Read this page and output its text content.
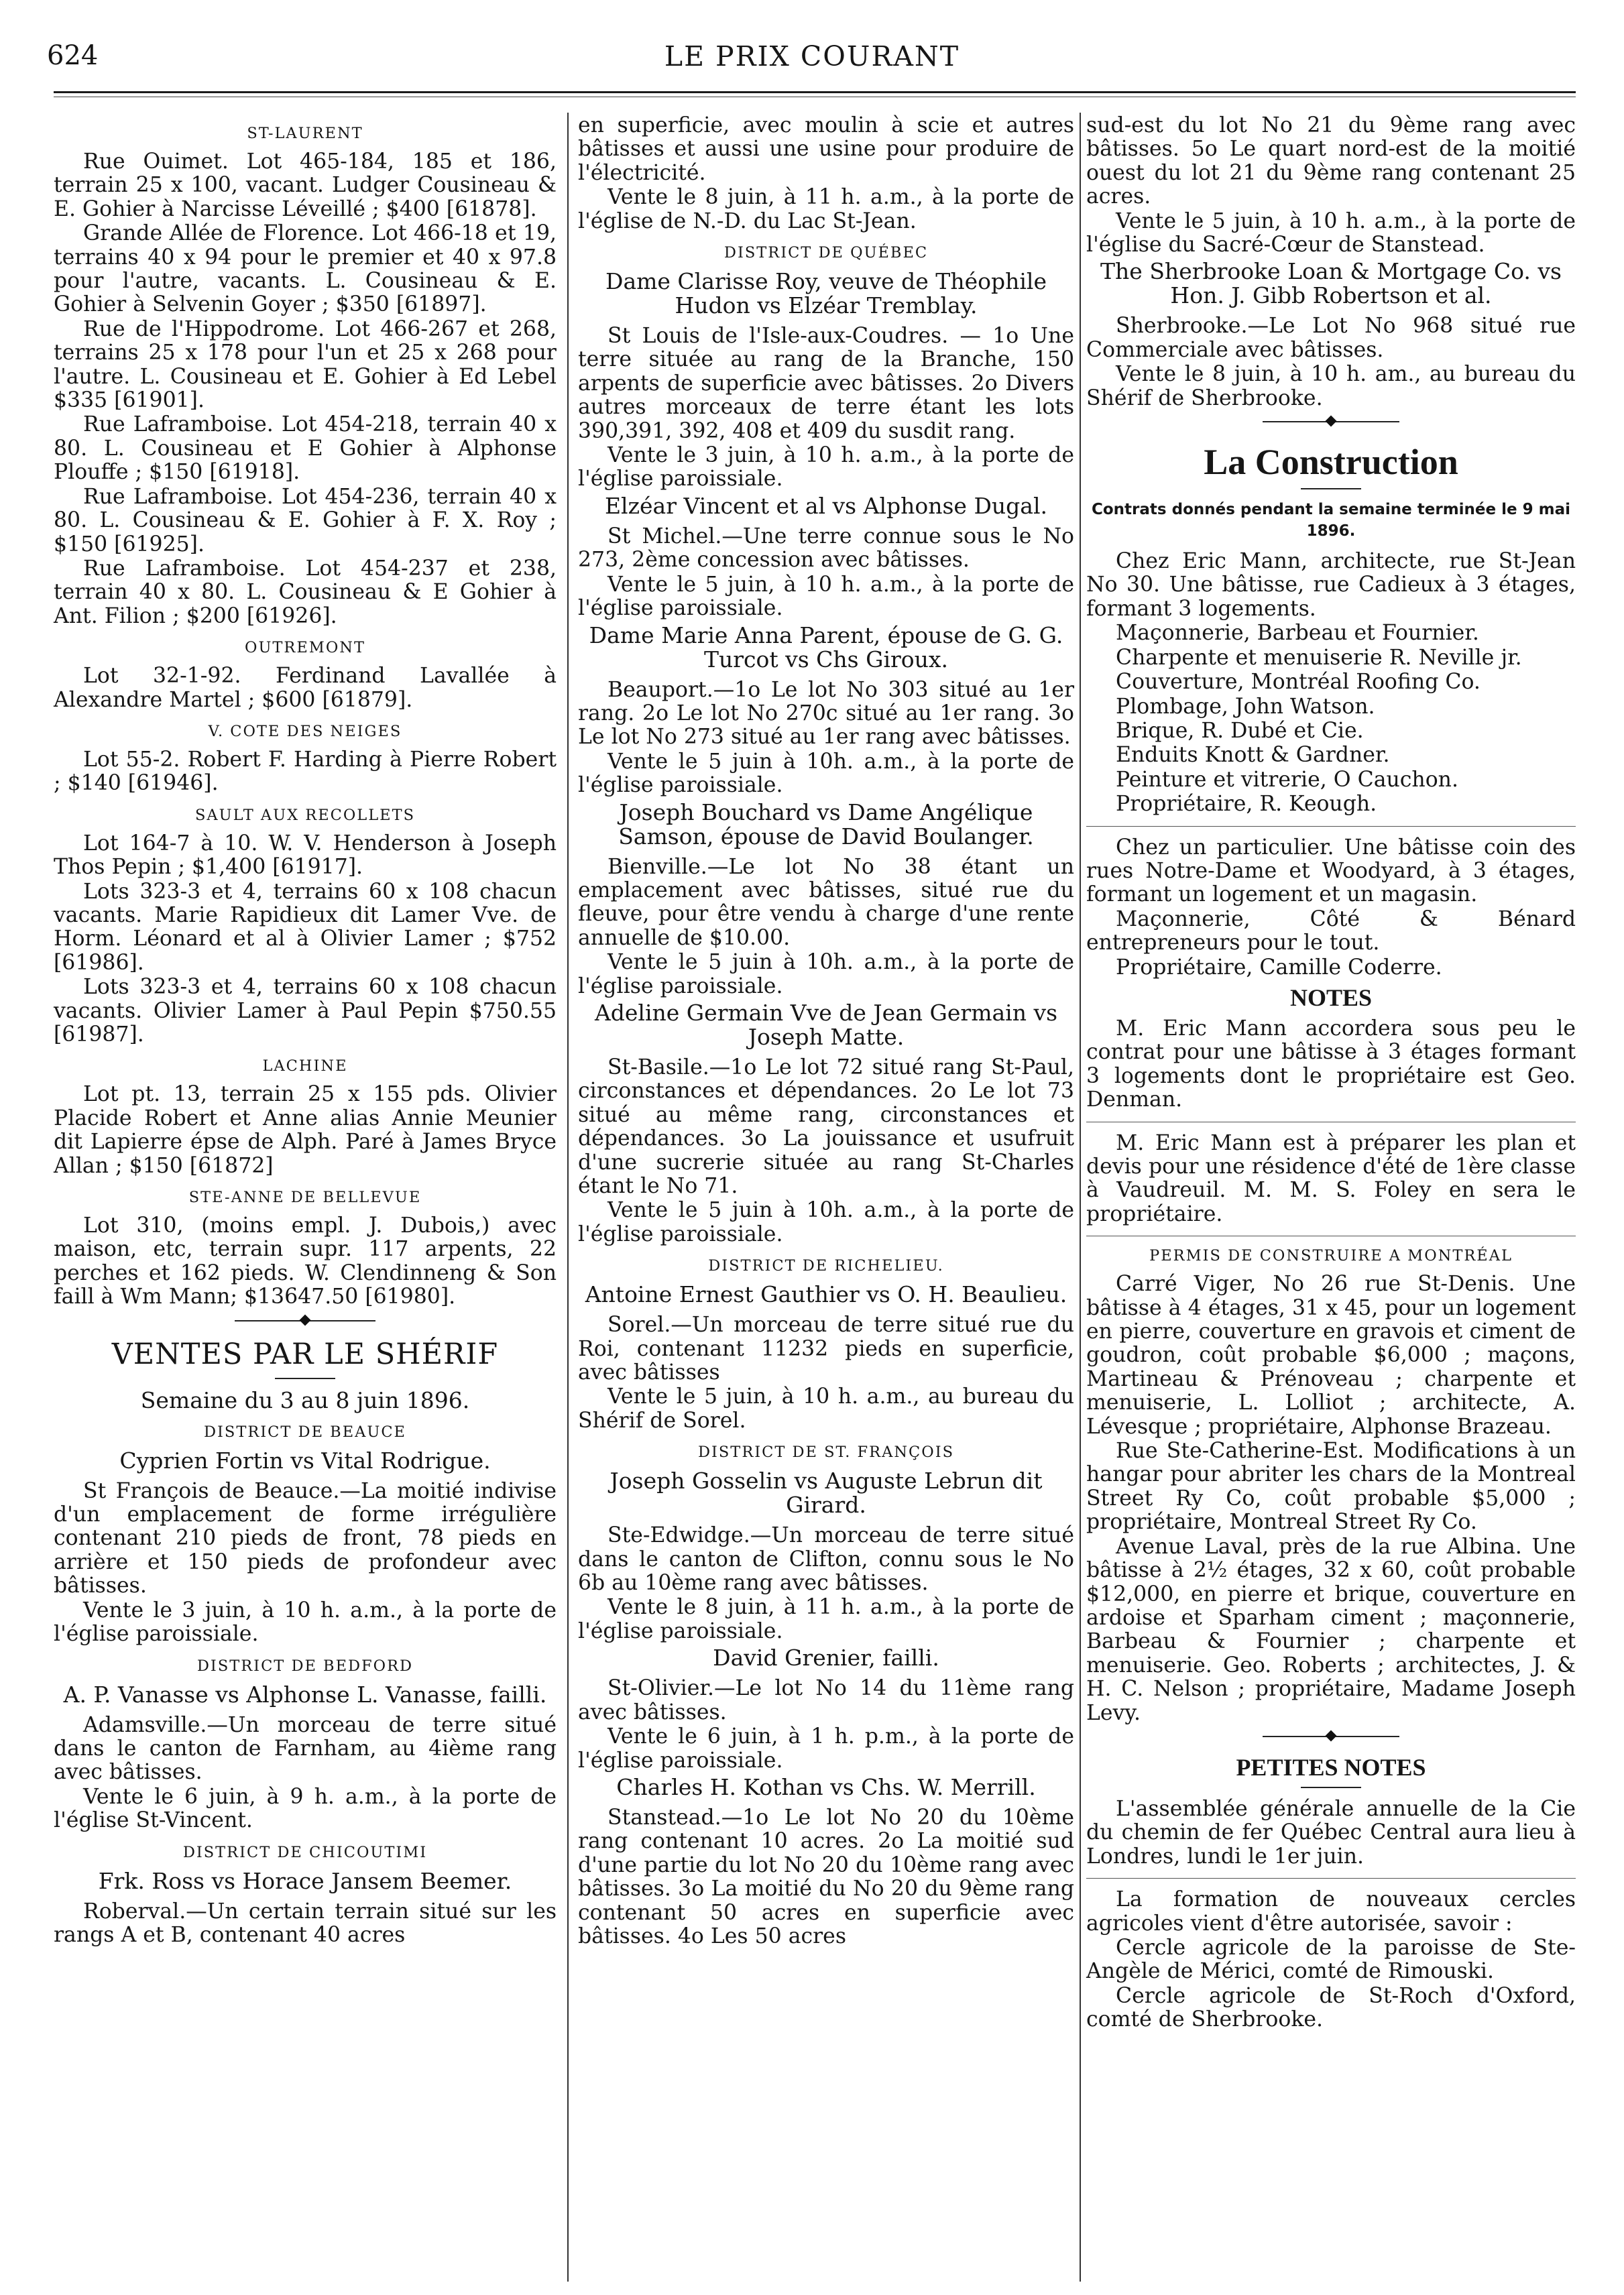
624	LE PRIX COURANT
ST-LAURENT

Rue Ouimet. Lot 465-184, 185 et 186, terrain 25 x 100, vacant. Ludger Cousineau & E. Gohier à Narcisse Léveillé ; $400 [61878].

Grande Allée de Florence. Lot 466-18 et 19, terrains 40 x 94 pour le premier et 40 x 97.8 pour l'autre, vacants. L. Cousineau & E. Gohier à Selvenin Goyer ; $350 [61897].

Rue de l'Hippodrome. Lot 466-267 et 268, terrains 25 x 178 pour l'un et 25 x 268 pour l'autre. L. Cousineau et E. Gohier à Ed Lebel $335 [61901].

Rue Laframboise. Lot 454-218, terrain 40 x 80. L. Cousineau et E Gohier à Alphonse Plouffe ; $150 [61918].

Rue Laframboise. Lot 454-236, terrain 40 x 80. L. Cousineau & E. Gohier à F. X. Roy ; $150 [61925].

Rue Laframboise. Lot 454-237 et 238, terrain 40 x 80. L. Cousineau & E Gohier à Ant. Filion ; $200 [61926].

OUTREMONT

Lot 32-1-92. Ferdinand Lavallée à Alexandre Martel ; $600 [61879].

V. COTE DES NEIGES

Lot 55-2. Robert F. Harding à Pierre Robert ; $140 [61946].

SAULT AUX RECOLLETS

Lot 164-7 à 10. W. V. Henderson à Joseph Thos Pepin ; $1,400 [61917].

Lots 323-3 et 4, terrains 60 x 108 chacun vacants. Marie Rapidieux dit Lamer Vve. de Horm. Léonard et al à Olivier Lamer ; $752 [61986].

Lots 323-3 et 4, terrains 60 x 108 chacun vacants. Olivier Lamer à Paul Pepin $750.55 [61987].

LACHINE

Lot pt. 13, terrain 25 x 155 pds. Olivier Placide Robert et Anne alias Annie Meunier dit Lapierre épse de Alph. Paré à James Bryce Allan ; $150 [61872]

STE-ANNE DE BELLEVUE

Lot 310, (moins empl. J. Dubois,) avec maison, etc, terrain supr. 117 arpents, 22 perches et 162 pieds. W. Clendinneng & Son faill à Wm Mann; $13647.50 [61980].

VENTES PAR LE SHÉRIF
Semaine du 3 au 8 juin 1896.
DISTRICT DE BEAUCE
Cyprien Fortin vs Vital Rodrigue.

St François de Beauce.—La moitié indivise d'un emplacement de forme irrégulière contenant 210 pieds de front, 78 pieds en arrière et 150 pieds de profondeur avec bâtisses.

Vente le 3 juin, à 10 h. a.m., à la porte de l'église paroissiale.

DISTRICT DE BEDFORD
A. P. Vanasse vs Alphonse L. Vanasse, failli.

Adamsville.—Un morceau de terre situé dans le canton de Farnham, au 4ième rang avec bâtisses.

Vente le 6 juin, à 9 h. a.m., à la porte de l'église St-Vincent.

DISTRICT DE CHICOUTIMI
Frk. Ross vs Horace Jansem Beemer.

Roberval.—Un certain terrain situé sur les rangs A et B, contenant 40 acres

en superficie, avec moulin à scie et autres bâtisses et aussi une usine pour produire de l'électricité.

Vente le 8 juin, à 11 h. a.m., à la porte de l'église de N.-D. du Lac St-Jean.

DISTRICT DE QUÉBEC
Dame Clarisse Roy, veuve de Théophile Hudon vs Elzéar Tremblay.

St Louis de l'Isle-aux-Coudres. — 1o Une terre située au rang de la Branche, 150 arpents de superficie avec bâtisses. 2o Divers autres morceaux de terre étant les lots 390,391, 392, 408 et 409 du susdit rang.

Vente le 3 juin, à 10 h. a.m., à la porte de l'église paroissiale.

Elzéar Vincent et al vs Alphonse Dugal.

St Michel.—Une terre connue sous le No 273, 2ème concession avec bâtisses.

Vente le 5 juin, à 10 h. a.m., à la porte de l'église paroissiale.

Dame Marie Anna Parent, épouse de G. G. Turcot vs Chs Giroux.

Beauport.—1o Le lot No 303 situé au 1er rang. 2o Le lot No 270c situé au 1er rang. 3o Le lot No 273 situé au 1er rang avec bâtisses.

Vente le 5 juin à 10h. a.m., à la porte de l'église paroissiale.

Joseph Bouchard vs Dame Angélique Samson, épouse de David Boulanger.

Bienville.—Le lot No 38 étant un emplacement avec bâtisses, situé rue du fleuve, pour être vendu à charge d'une rente annuelle de $10.00.

Vente le 5 juin à 10h. a.m., à la porte de l'église paroissiale.

Adeline Germain Vve de Jean Germain vs Joseph Matte.

St-Basile.—1o Le lot 72 situé rang St-Paul, circonstances et dépendances. 2o Le lot 73 situé au même rang, circonstances et dépendances. 3o La jouissance et usufruit d'une sucrerie située au rang St-Charles étant le No 71.

Vente le 5 juin à 10h. a.m., à la porte de l'église paroissiale.

DISTRICT DE RICHELIEU.
Antoine Ernest Gauthier vs O. H. Beaulieu.

Sorel.—Un morceau de terre situé rue du Roi, contenant 11232 pieds en superficie, avec bâtisses

Vente le 5 juin, à 10 h. a.m., au bureau du Shérif de Sorel.

DISTRICT DE ST. FRANÇOIS
Joseph Gosselin vs Auguste Lebrun dit Girard.

Ste-Edwidge.—Un morceau de terre situé dans le canton de Clifton, connu sous le No 6b au 10ème rang avec bâtisses.

Vente le 8 juin, à 11 h. a.m., à la porte de l'église paroissiale.

David Grenier, failli.

St-Olivier.—Le lot No 14 du 11ème rang avec bâtisses.

Vente le 6 juin, à 1 h. p.m., à la porte de l'église paroissiale.

Charles H. Kothan vs Chs. W. Merrill.

Stanstead.—1o Le lot No 20 du 10ème rang contenant 10 acres. 2o La moitié sud d'une partie du lot No 20 du 10ème rang avec bâtisses. 3o La moitié du No 20 du 9ème rang contenant 50 acres en superficie avec bâtisses. 4o Les 50 acres

sud-est du lot No 21 du 9ème rang avec bâtisses. 5o Le quart nord-est de la moitié ouest du lot 21 du 9ème rang contenant 25 acres.

Vente le 5 juin, à 10 h. a.m., à la porte de l'église du Sacré-Cœur de Stanstead.

The Sherbrooke Loan & Mortgage Co. vs Hon. J. Gibb Robertson et al.

Sherbrooke.—Le Lot No 968 situé rue Commerciale avec bâtisses.

Vente le 8 juin, à 10 h. am., au bureau du Shérif de Sherbrooke.

La Construction
Contrats donnés pendant la semaine terminée le 9 mai 1896.

Chez Eric Mann, architecte, rue St-Jean No 30. Une bâtisse, rue Cadieux à 3 étages, formant 3 logements.

Maçonnerie, Barbeau et Fournier.

Charpente et menuiserie R. Neville jr.

Couverture, Montréal Roofing Co.

Plombage, John Watson.

Brique, R. Dubé et Cie.

Enduits Knott & Gardner.

Peinture et vitrerie, O Cauchon.

Propriétaire, R. Keough.

Chez un particulier. Une bâtisse coin des rues Notre-Dame et Woodyard, à 3 étages, formant un logement et un magasin.

Maçonnerie, Côté & Bénard entrepreneurs pour le tout.

Propriétaire, Camille Coderre.

NOTES

M. Eric Mann accordera sous peu le contrat pour une bâtisse à 3 étages formant 3 logements dont le propriétaire est Geo. Denman.

M. Eric Mann est à préparer les plan et devis pour une résidence d'été de 1ère classe à Vaudreuil. M. M. S. Foley en sera le propriétaire.

PERMIS DE CONSTRUIRE A MONTRÉAL

Carré Viger, No 26 rue St-Denis. Une bâtisse à 4 étages, 31 x 45, pour un logement en pierre, couverture en gravois et ciment de goudron, coût probable $6,000 ; maçons, Martineau & Prénoveau ; charpente et menuiserie, L. Lolliot ; architecte, A. Lévesque ; propriétaire, Alphonse Brazeau.

Rue Ste-Catherine-Est. Modifications à un hangar pour abriter les chars de la Montreal Street Ry Co, coût probable $5,000 ; propriétaire, Montreal Street Ry Co.

Avenue Laval, près de la rue Albina. Une bâtisse à 2½ étages, 32 x 60, coût probable $12,000, en pierre et brique, couverture en ardoise et Sparham ciment ; maçonnerie, Barbeau & Fournier ; charpente et menuiserie. Geo. Roberts ; architectes, J. & H. C. Nelson ; propriétaire, Madame Joseph Levy.

PETITES NOTES

L'assemblée générale annuelle de la Cie du chemin de fer Québec Central aura lieu à Londres, lundi le 1er juin.

La formation de nouveaux cercles agricoles vient d'être autorisée, savoir :

Cercle agricole de la paroisse de Ste-Angèle de Mérici, comté de Rimouski.

Cercle agricole de St-Roch d'Oxford, comté de Sherbrooke.
